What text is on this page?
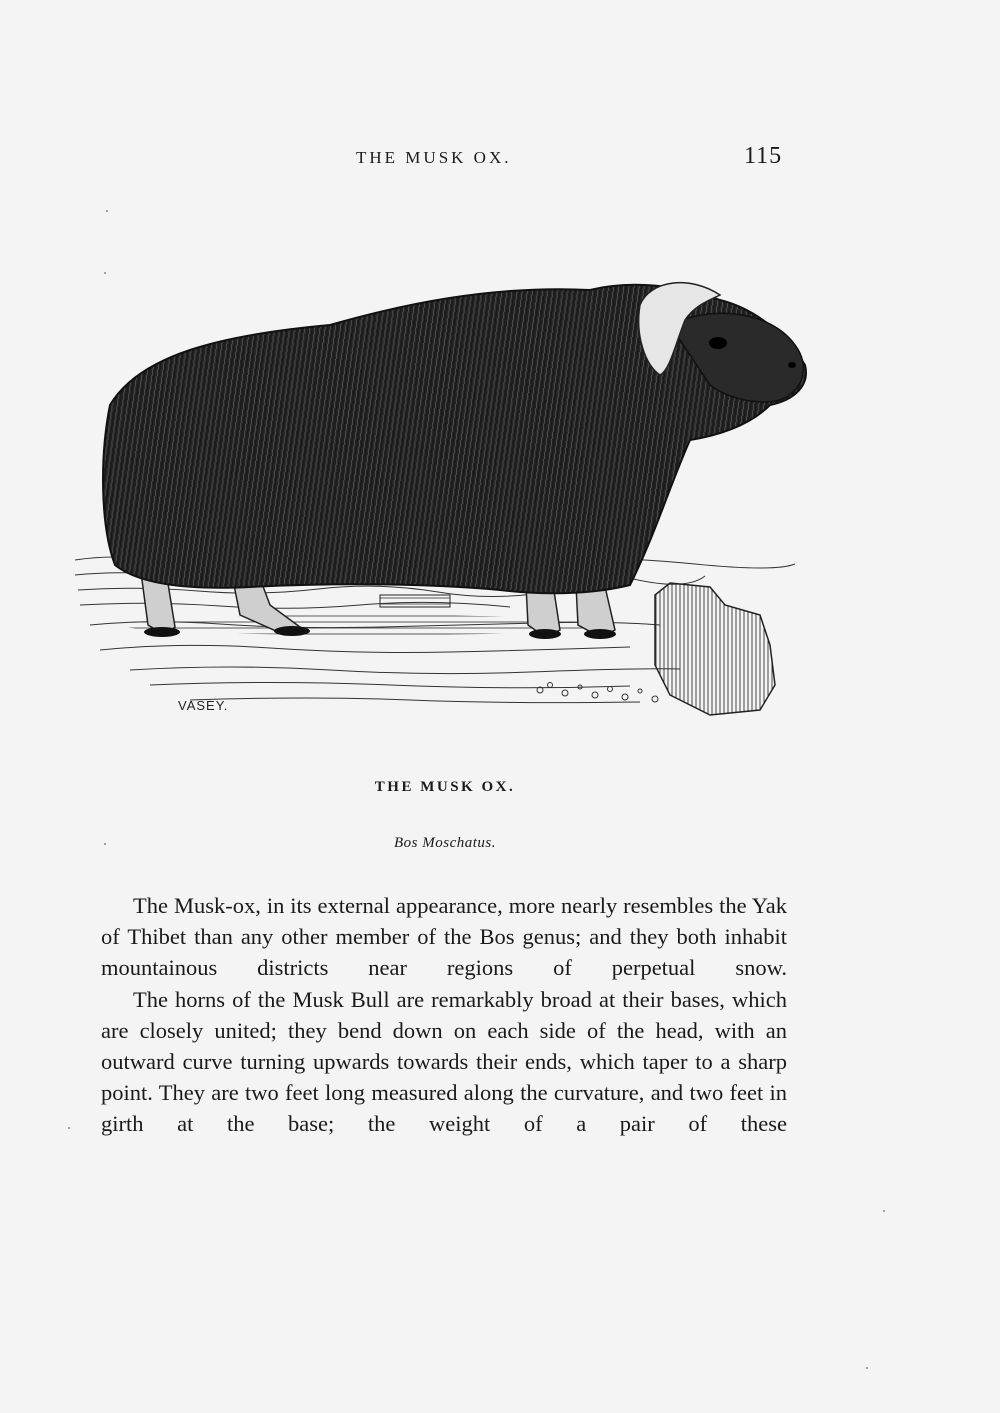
THE MUSK OX.	115
VASEY.
THE MUSK OX.
Bos Moschatus.

The Musk-ox, in its external appearance, more nearly resembles the Yak of Thibet than any other member of the Bos genus; and they both inhabit mountainous districts near regions of perpetual snow.

The horns of the Musk Bull are remarkably broad at their bases, which are closely united; they bend down on each side of the head, with an outward curve turning upwards towards their ends, which taper to a sharp point. They are two feet long measured along the curvature, and two feet in girth at the base; the weight of a pair of these
